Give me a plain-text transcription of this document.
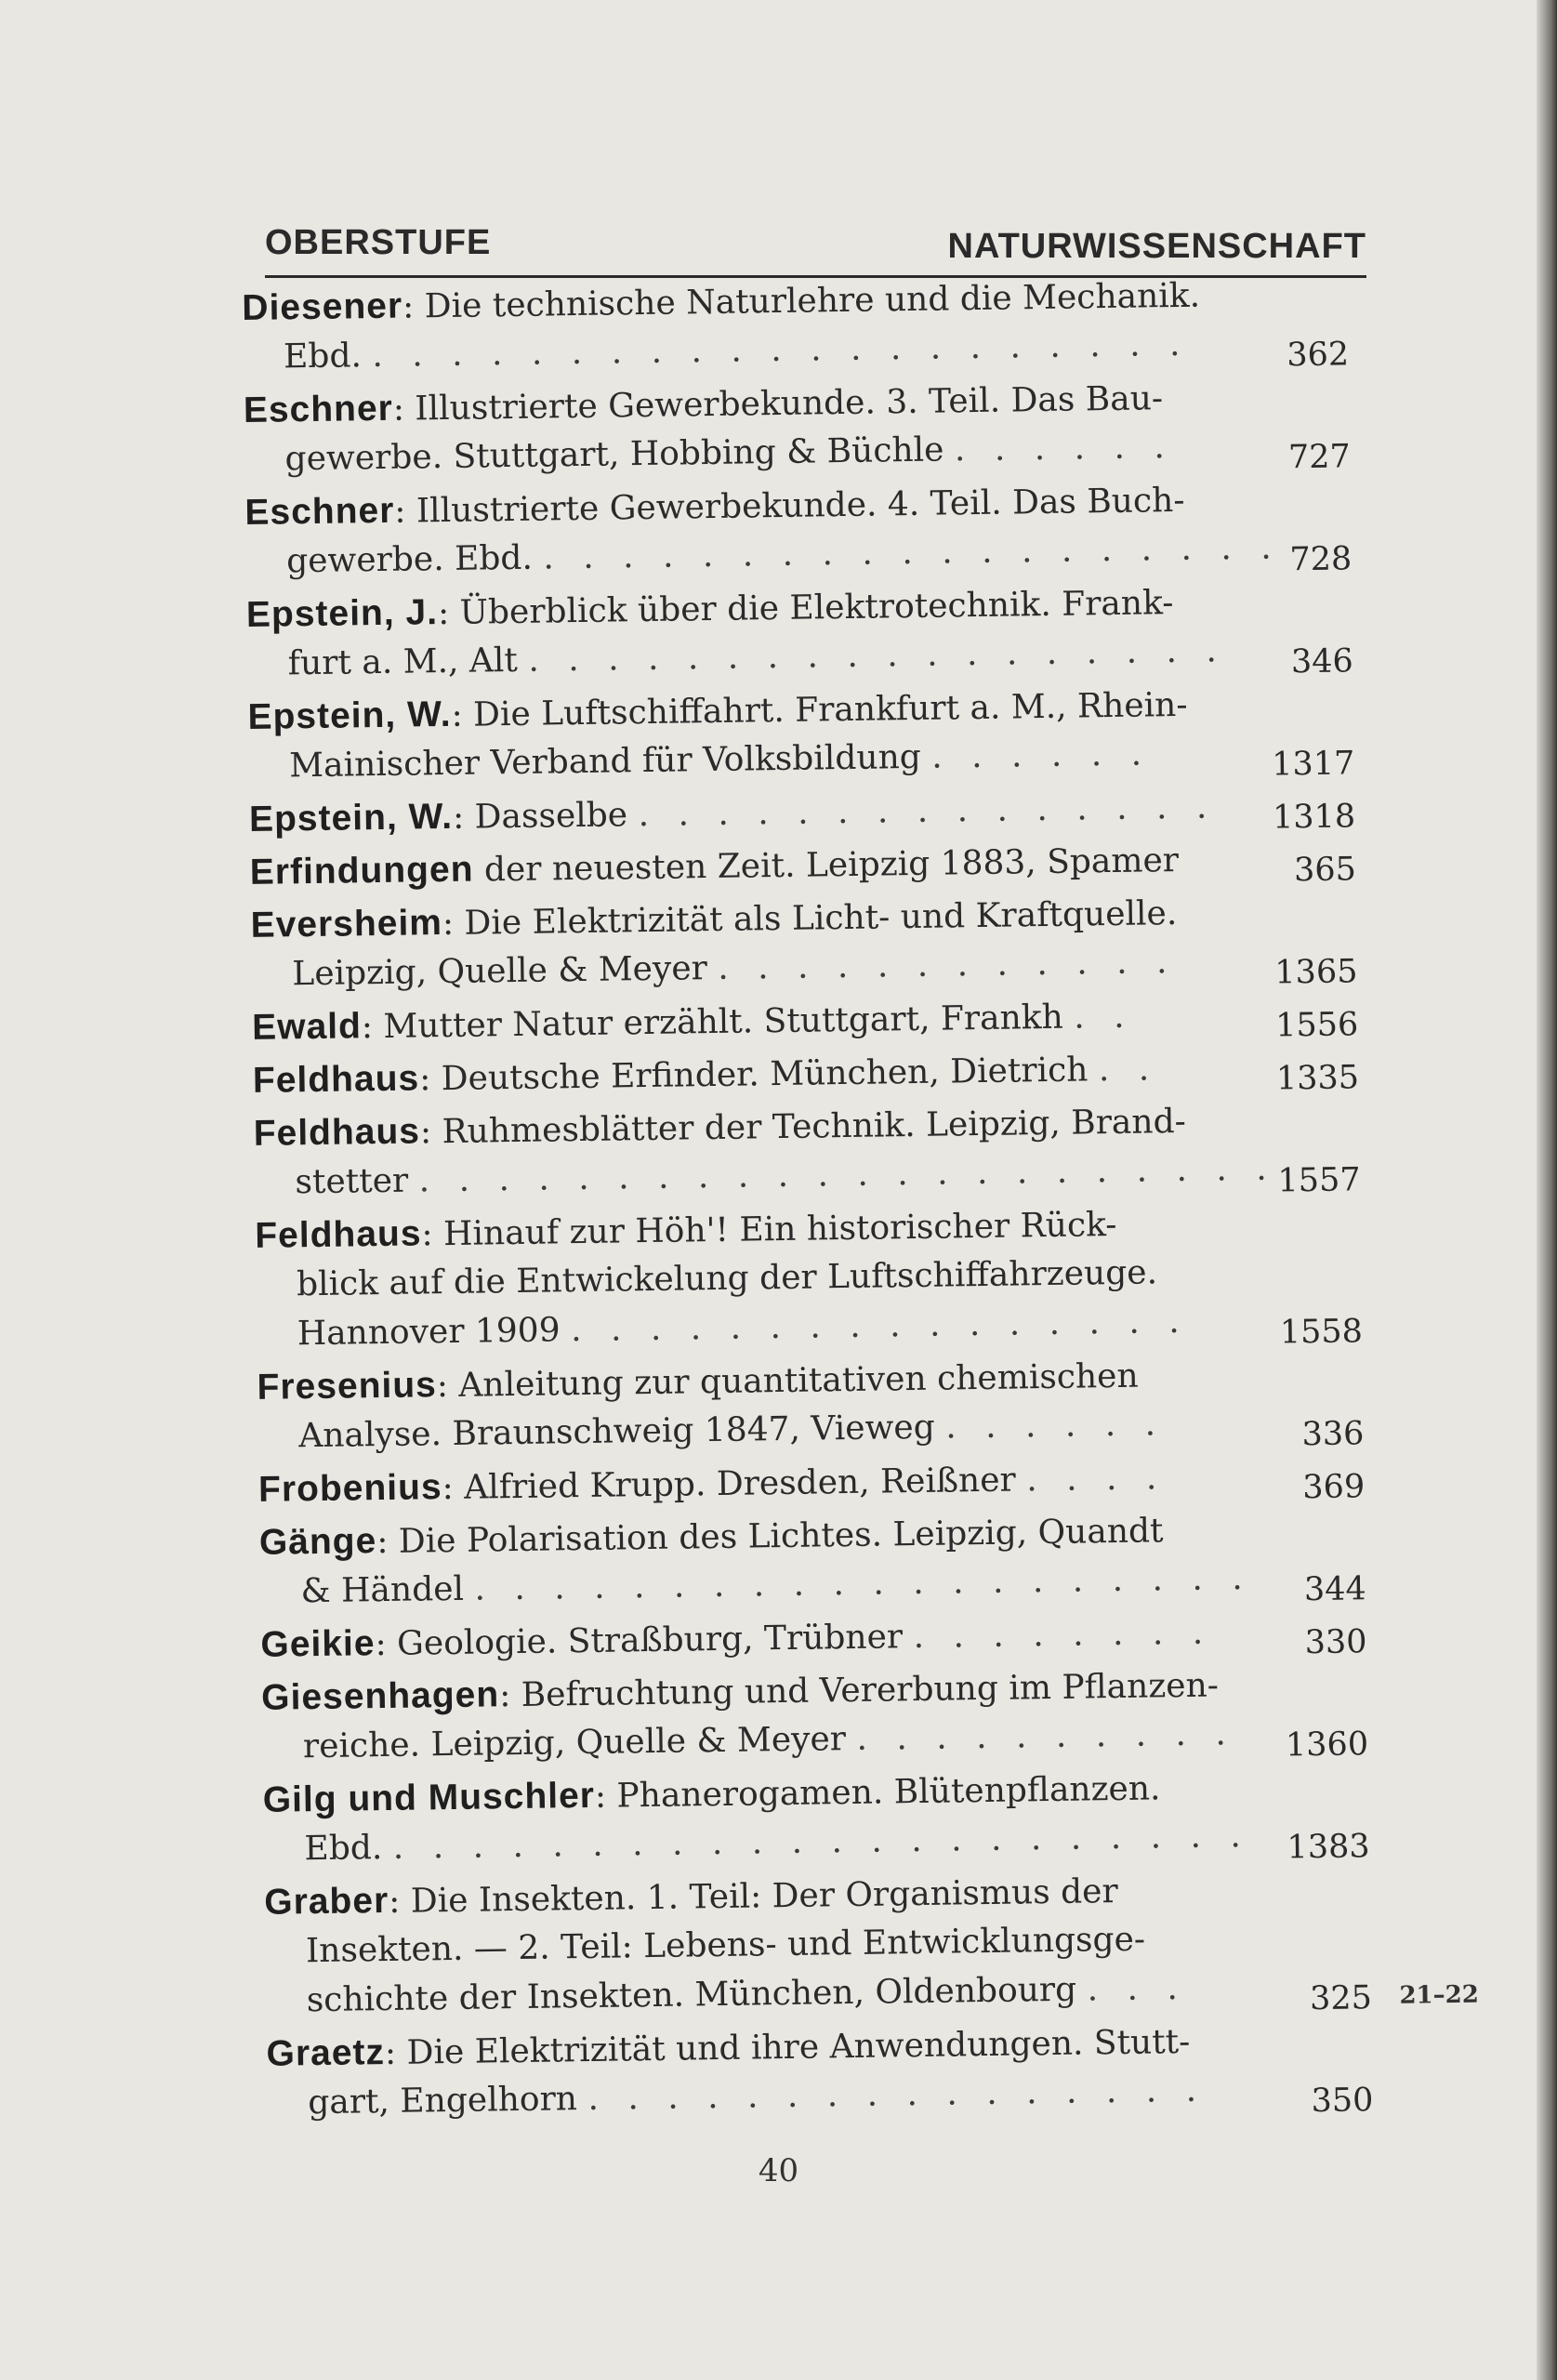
OBERSTUFE	NATURWISSENSCHAFT
Diesener: Die technische Naturlehre und die Mechanik.
Ebd. . . . . . . . . . . . . . . . . . . . . .	362
Eschner: Illustrierte Gewerbekunde. 3. Teil. Das Bau-
gewerbe. Stuttgart, Hobbing & Büchle . . . . . .	727
Eschner: Illustrierte Gewerbekunde. 4. Teil. Das Buch-
gewerbe. Ebd. . . . . . . . . . . . . . . . . . . . 728
Epstein, J.: Überblick über die Elektrotechnik. Frank-
furt a. M., Alt . . . . . . . . . . . . . . . . . . 346
Epstein, W.: Die Luftschiffahrt. Frankfurt a. M., Rhein-
Mainischer Verband für Volksbildung . . . . . .	1317
Epstein, W.: Dasselbe . . . . . . . . . . . . . . . 1318
Erfindungen der neuesten Zeit. Leipzig 1883, Spamer	365
Eversheim: Die Elektrizität als Licht- und Kraftquelle.
Leipzig, Quelle & Meyer . . . . . . . . . . . .	1365
Ewald: Mutter Natur erzählt. Stuttgart, Frankh . .	1556
Feldhaus: Deutsche Erfinder. München, Dietrich . .	1335
Feldhaus: Ruhmesblätter der Technik. Leipzig, Brand-
stetter . . . . . . . . . . . . . . . . . . . . . . 1557
Feldhaus: Hinauf zur Höh'! Ein historischer Rück-
blick auf die Entwickelung der Luftschiffahrzeuge.
Hannover 1909 . . . . . . . . . . . . . . . .	1558
Fresenius: Anleitung zur quantitativen chemischen
Analyse. Braunschweig 1847, Vieweg . . . . . .	336
Frobenius: Alfried Krupp. Dresden, Reißner . . . .	369
Gänge: Die Polarisation des Lichtes. Leipzig, Quandt
& Händel . . . . . . . . . . . . . . . . . . . . 344
Geikie: Geologie. Straßburg, Trübner . . . . . . . .	330
Giesenhagen: Befruchtung und Vererbung im Pflanzen-
reiche. Leipzig, Quelle & Meyer . . . . . . . . . . 1360
Gilg und Muschler: Phanerogamen. Blütenpflanzen.
Ebd. . . . . . . . . . . . . . . . . . . . . . . 1383
Graber: Die Insekten. 1. Teil: Der Organismus der
Insekten. — 2. Teil: Lebens- und Entwicklungsge-
schichte der Insekten. München, Oldenbourg . . .	325 21–22
Graetz: Die Elektrizität und ihre Anwendungen. Stutt-
gart, Engelhorn . . . . . . . . . . . . . . . .	350
40
